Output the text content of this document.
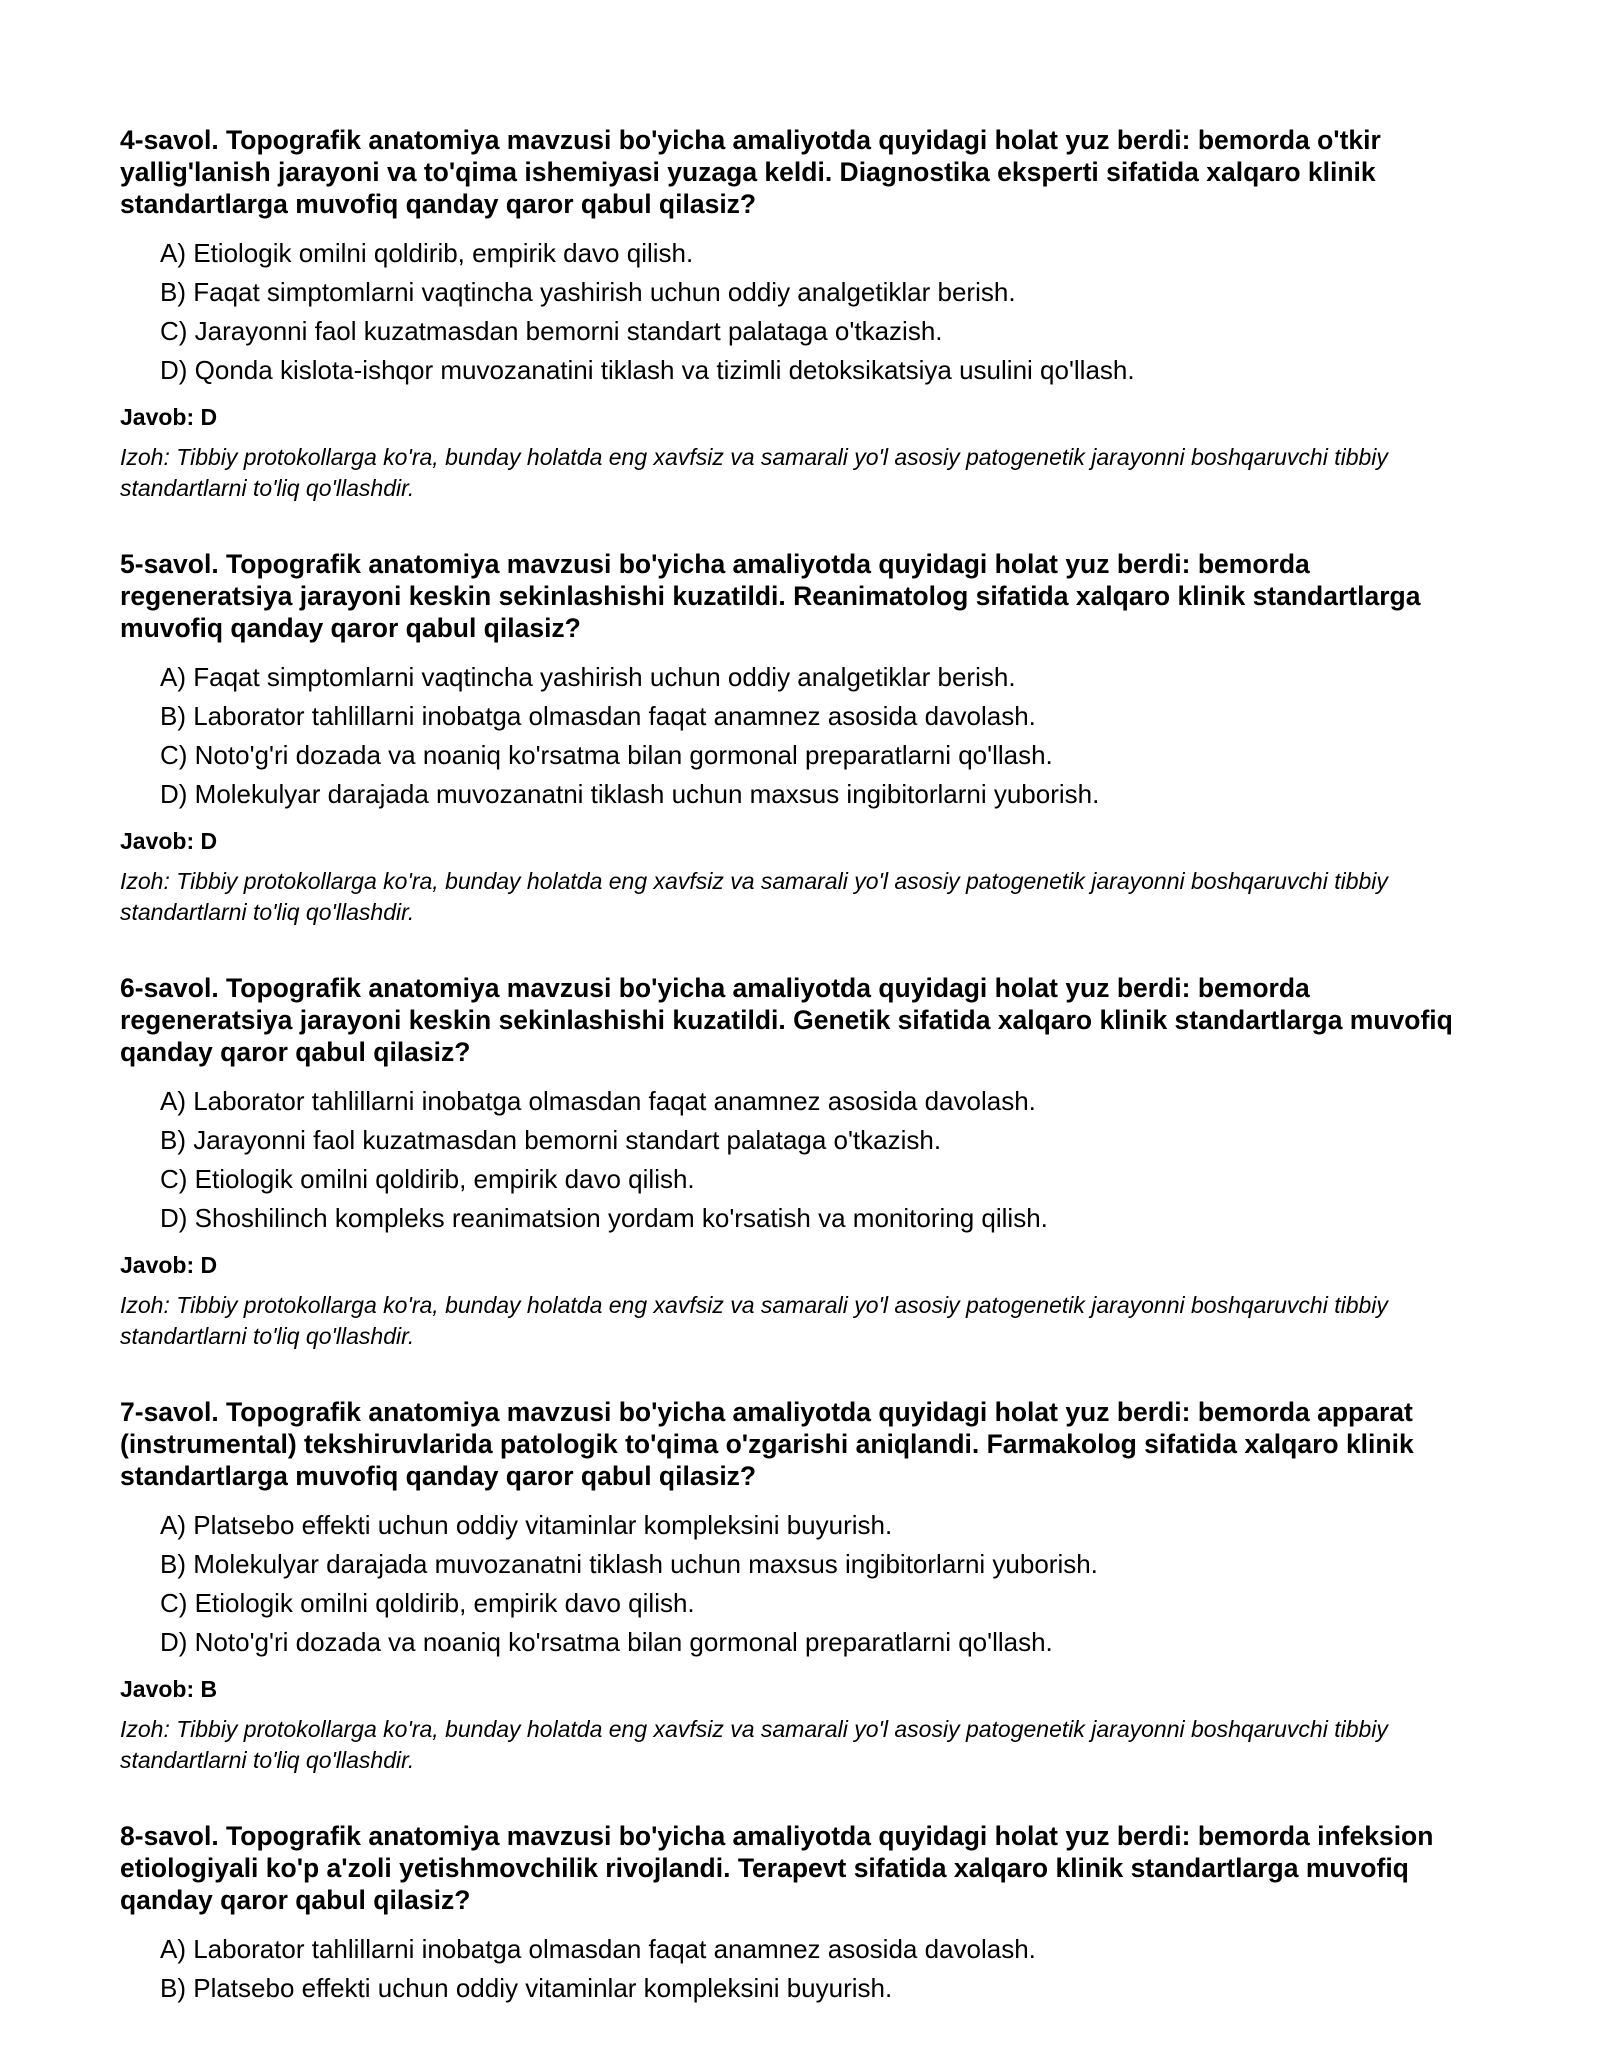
4-savol. Topografik anatomiya mavzusi bo'yicha amaliyotda quyidagi holat yuz berdi: bemorda o'tkir yallig'lanish jarayoni va to'qima ishemiyasi yuzaga keldi. Diagnostika eksperti sifatida xalqaro klinik standartlarga muvofiq qanday qaror qabul qilasiz?

A) Etiologik omilni qoldirib, empirik davo qilish.
B) Faqat simptomlarni vaqtincha yashirish uchun oddiy analgetiklar berish.
C) Jarayonni faol kuzatmasdan bemorni standart palataga o'tkazish.
D) Qonda kislota-ishqor muvozanatini tiklash va tizimli detoksikatsiya usulini qo'llash.

Javob: D

Izoh: Tibbiy protokollarga ko'ra, bunday holatda eng xavfsiz va samarali yo'l asosiy patogenetik jarayonni boshqaruvchi tibbiy standartlarni to'liq qo'llashdir.

5-savol. Topografik anatomiya mavzusi bo'yicha amaliyotda quyidagi holat yuz berdi: bemorda regeneratsiya jarayoni keskin sekinlashishi kuzatildi. Reanimatolog sifatida xalqaro klinik standartlarga muvofiq qanday qaror qabul qilasiz?

A) Faqat simptomlarni vaqtincha yashirish uchun oddiy analgetiklar berish.
B) Laborator tahlillarni inobatga olmasdan faqat anamnez asosida davolash.
C) Noto'g'ri dozada va noaniq ko'rsatma bilan gormonal preparatlarni qo'llash.
D) Molekulyar darajada muvozanatni tiklash uchun maxsus ingibitorlarni yuborish.

Javob: D

Izoh: Tibbiy protokollarga ko'ra, bunday holatda eng xavfsiz va samarali yo'l asosiy patogenetik jarayonni boshqaruvchi tibbiy standartlarni to'liq qo'llashdir.

6-savol. Topografik anatomiya mavzusi bo'yicha amaliyotda quyidagi holat yuz berdi: bemorda regeneratsiya jarayoni keskin sekinlashishi kuzatildi. Genetik sifatida xalqaro klinik standartlarga muvofiq qanday qaror qabul qilasiz?

A) Laborator tahlillarni inobatga olmasdan faqat anamnez asosida davolash.
B) Jarayonni faol kuzatmasdan bemorni standart palataga o'tkazish.
C) Etiologik omilni qoldirib, empirik davo qilish.
D) Shoshilinch kompleks reanimatsion yordam ko'rsatish va monitoring qilish.

Javob: D

Izoh: Tibbiy protokollarga ko'ra, bunday holatda eng xavfsiz va samarali yo'l asosiy patogenetik jarayonni boshqaruvchi tibbiy standartlarni to'liq qo'llashdir.

7-savol. Topografik anatomiya mavzusi bo'yicha amaliyotda quyidagi holat yuz berdi: bemorda apparat (instrumental) tekshiruvlarida patologik to'qima o'zgarishi aniqlandi. Farmakolog sifatida xalqaro klinik standartlarga muvofiq qanday qaror qabul qilasiz?

A) Platsebo effekti uchun oddiy vitaminlar kompleksini buyurish.
B) Molekulyar darajada muvozanatni tiklash uchun maxsus ingibitorlarni yuborish.
C) Etiologik omilni qoldirib, empirik davo qilish.
D) Noto'g'ri dozada va noaniq ko'rsatma bilan gormonal preparatlarni qo'llash.

Javob: B

Izoh: Tibbiy protokollarga ko'ra, bunday holatda eng xavfsiz va samarali yo'l asosiy patogenetik jarayonni boshqaruvchi tibbiy standartlarni to'liq qo'llashdir.

8-savol. Topografik anatomiya mavzusi bo'yicha amaliyotda quyidagi holat yuz berdi: bemorda infeksion etiologiyali ko'p a'zoli yetishmovchilik rivojlandi. Terapevt sifatida xalqaro klinik standartlarga muvofiq qanday qaror qabul qilasiz?

A) Laborator tahlillarni inobatga olmasdan faqat anamnez asosida davolash.
B) Platsebo effekti uchun oddiy vitaminlar kompleksini buyurish.
